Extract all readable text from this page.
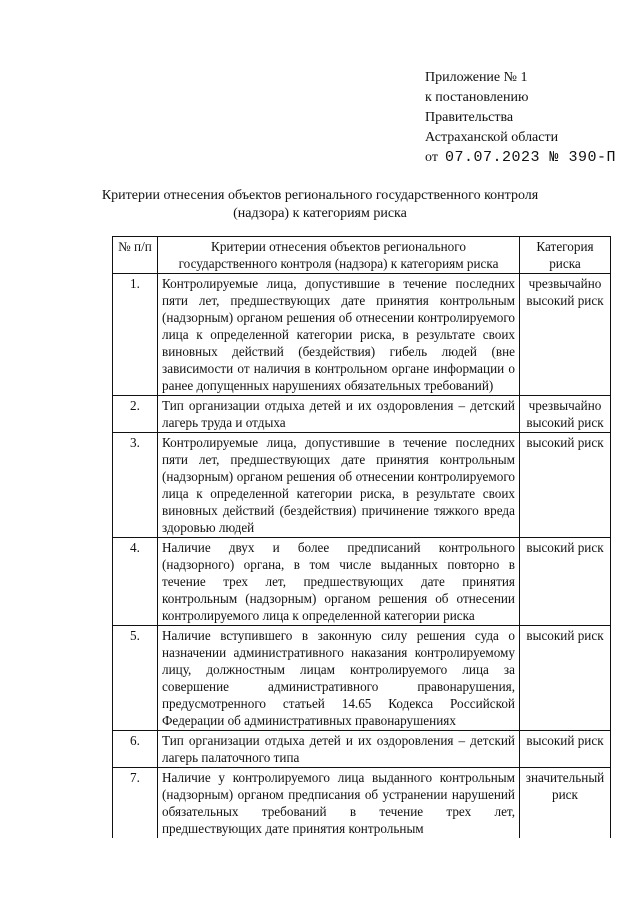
Приложение № 1
к постановлению
Правительства
Астраханской области
от 07.07.2023 № 390-П
Критерии отнесения объектов регионального государственного контроля
(надзора) к категориям риска
№ п/п	Критерии отнесения объектов регионального государственного контроля (надзора) к категориям риска	Категория риска
1.	Контролируемые лица, допустившие в течение последних пяти лет, предшествующих дате принятия контрольным (надзорным) органом решения об отнесении контролируемого лица к определенной категории риска, в результате своих виновных действий (бездействия) гибель людей (вне зависимости от наличия в контрольном органе информации о ранее допущенных нарушениях обязательных требований)	чрезвычайно высокий риск
2.	Тип организации отдыха детей и их оздоровления – детский лагерь труда и отдыха	чрезвычайно высокий риск
3.	Контролируемые лица, допустившие в течение последних пяти лет, предшествующих дате принятия контрольным (надзорным) органом решения об отнесении контролируемого лица к определенной категории риска, в результате своих виновных действий (бездействия) причинение тяжкого вреда здоровью людей	высокий риск
4.	Наличие двух и более предписаний контрольного (надзорного) органа, в том числе выданных повторно в течение трех лет, предшествующих дате принятия контрольным (надзорным) органом решения об отнесении контролируемого лица к определенной категории риска	высокий риск
5.	Наличие вступившего в законную силу решения суда о назначении административного наказания контролируемому лицу, должностным лицам контролируемого лица за совершение административного правонарушения, предусмотренного статьей 14.65 Кодекса Российской Федерации об административных правонарушениях	высокий риск
6.	Тип организации отдыха детей и их оздоровления – детский лагерь палаточного типа	высокий риск
7.	Наличие у контролируемого лица выданного контрольным (надзорным) органом предписания об устранении нарушений обязательных требований в течение трех лет, предшествующих дате принятия контрольным	значительный риск
